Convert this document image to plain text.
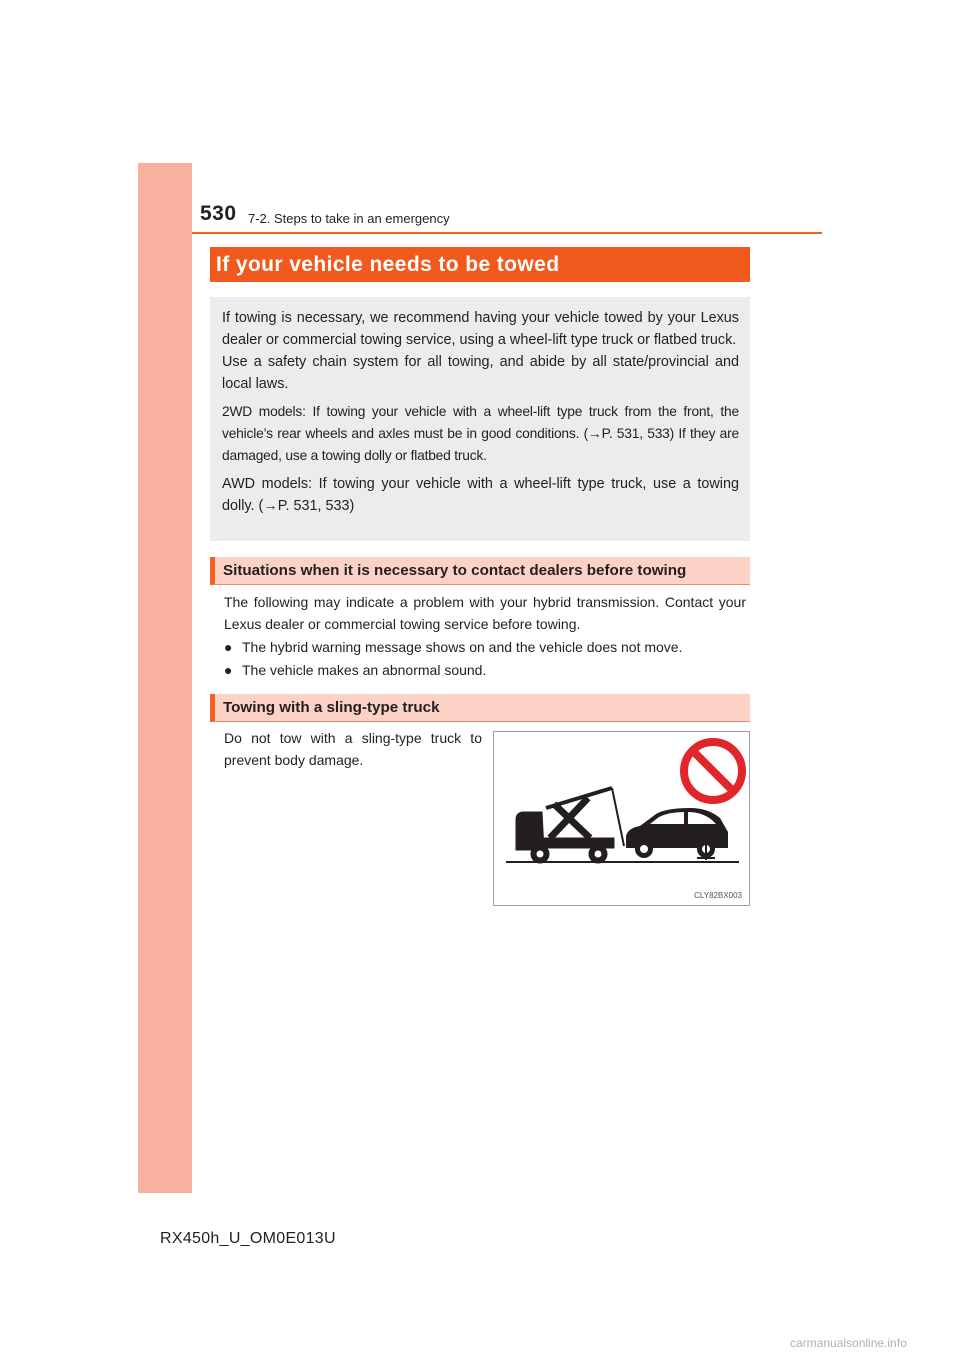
530 7-2. Steps to take in an emergency
If your vehicle needs to be towed

If towing is necessary, we recommend having your vehicle towed by your Lexus dealer or commercial towing service, using a wheel-lift type truck or flatbed truck.

Use a safety chain system for all towing, and abide by all state/provincial and local laws.

2WD models: If towing your vehicle with a wheel-lift type truck from the front, the vehicle’s rear wheels and axles must be in good conditions. (→P. 531, 533) If they are damaged, use a towing dolly or flatbed truck.

AWD models: If towing your vehicle with a wheel-lift type truck, use a towing dolly. (→P. 531, 533)

Situations when it is necessary to contact dealers before towing

The following may indicate a problem with your hybrid transmission. Contact your Lexus dealer or commercial towing service before towing.

● The hybrid warning message shows on and the vehicle does not move.
● The vehicle makes an abnormal sound.
Towing with a sling-type truck
Do not tow with a sling-type truck to prevent body damage.
CLY82BX003
RX450h_U_OM0E013U
carmanualsonline.info
